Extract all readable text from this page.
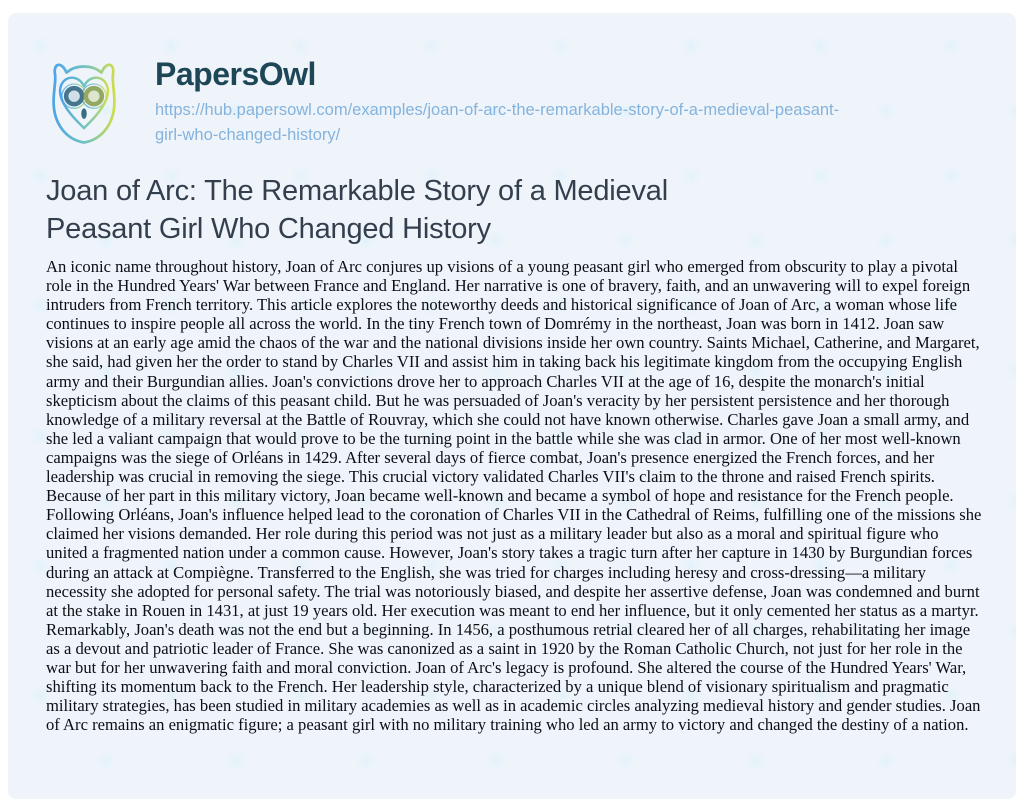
PapersOwl
https://hub.papersowl.com/examples/joan-of-arc-the-remarkable-story-of-a-medieval-peasant-
girl-who-changed-history/
Joan of Arc: The Remarkable Story of a Medieval
Peasant Girl Who Changed History

An iconic name throughout history, Joan of Arc conjures up visions of a young peasant girl who emerged from obscurity to play a pivotal role in the Hundred Years' War between France and England. Her narrative is one of bravery, faith, and an unwavering will to expel foreign intruders from French territory. This article explores the noteworthy deeds and historical significance of Joan of Arc, a woman whose life continues to inspire people all across the world. In the tiny French town of Domrémy in the northeast, Joan was born in 1412. Joan saw visions at an early age amid the chaos of the war and the national divisions inside her own country. Saints Michael, Catherine, and Margaret, she said, had given her the order to stand by Charles VII and assist him in taking back his legitimate kingdom from the occupying English army and their Burgundian allies. Joan's convictions drove her to approach Charles VII at the age of 16, despite the monarch's initial skepticism about the claims of this peasant child. But he was persuaded of Joan's veracity by her persistent persistence and her thorough knowledge of a military reversal at the Battle of Rouvray, which she could not have known otherwise. Charles gave Joan a small army, and she led a valiant campaign that would prove to be the turning point in the battle while she was clad in armor. One of her most well-known campaigns was the siege of Orléans in 1429. After several days of fierce combat, Joan's presence energized the French forces, and her leadership was crucial in removing the siege. This crucial victory validated Charles VII's claim to the throne and raised French spirits. Because of her part in this military victory, Joan became well-known and became a symbol of hope and resistance for the French people. Following Orléans, Joan's influence helped lead to the coronation of Charles VII in the Cathedral of Reims, fulfilling one of the missions she claimed her visions demanded. Her role during this period was not just as a military leader but also as a moral and spiritual figure who united a fragmented nation under a common cause. However, Joan's story takes a tragic turn after her capture in 1430 by Burgundian forces during an attack at Compiègne. Transferred to the English, she was tried for charges including heresy and cross-dressing—a military necessity she adopted for personal safety. The trial was notoriously biased, and despite her assertive defense, Joan was condemned and burnt at the stake in Rouen in 1431, at just 19 years old. Her execution was meant to end her influence, but it only cemented her status as a martyr. Remarkably, Joan's death was not the end but a beginning. In 1456, a posthumous retrial cleared her of all charges, rehabilitating her image as a devout and patriotic leader of France. She was canonized as a saint in 1920 by the Roman Catholic Church, not just for her role in the war but for her unwavering faith and moral conviction. Joan of Arc's legacy is profound. She altered the course of the Hundred Years' War, shifting its momentum back to the French. Her leadership style, characterized by a unique blend of visionary spiritualism and pragmatic military strategies, has been studied in military academies as well as in academic circles analyzing medieval history and gender studies. Joan of Arc remains an enigmatic figure; a peasant girl with no military training who led an army to victory and changed the destiny of a nation.
